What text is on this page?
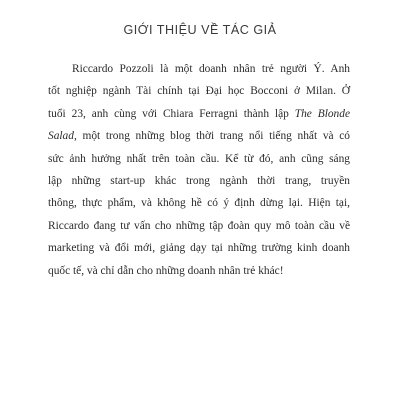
GIỚI THIỆU VỀ TÁC GIẢ

Riccardo Pozzoli là một doanh nhân trẻ người Ý. Anh
tốt nghiệp ngành Tài chính tại Đại học Bocconi ở Milan. Ở
tuổi 23, anh cùng với Chiara Ferragni thành lập The Blonde
Salad, một trong những blog thời trang nổi tiếng nhất và có
sức ảnh hưởng nhất trên toàn cầu. Kể từ đó, anh cũng sáng
lập những start-up khác trong ngành thời trang, truyền
thông, thực phẩm, và không hề có ý định dừng lại. Hiện tại,
Riccardo đang tư vấn cho những tập đoàn quy mô toàn cầu về
marketing và đổi mới, giảng dạy tại những trường kinh doanh
quốc tế, và chỉ dẫn cho những doanh nhân trẻ khác!
